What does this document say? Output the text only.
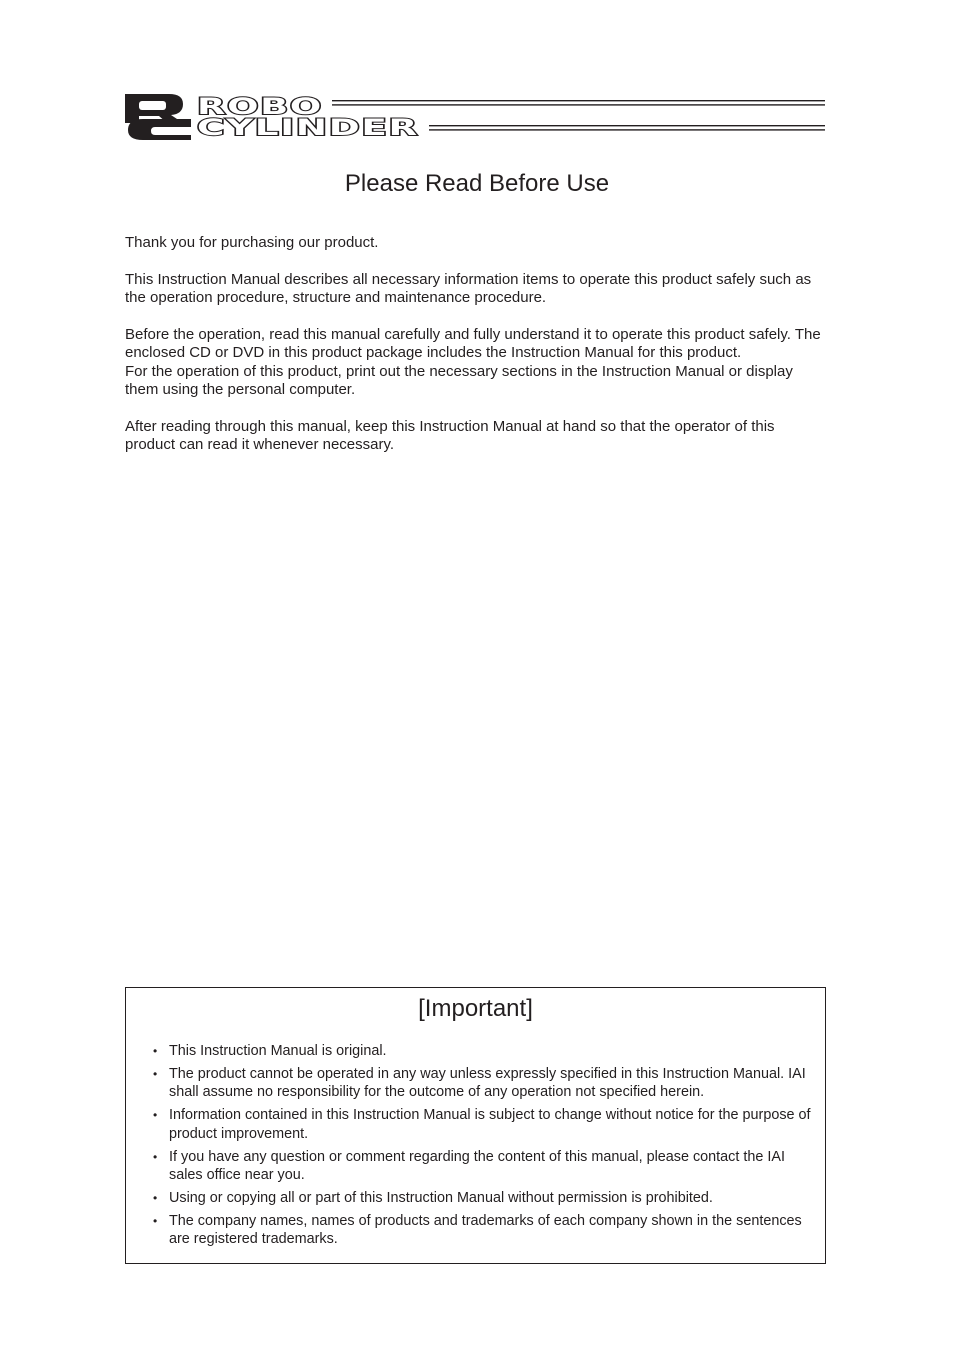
ROBO
CYLINDER
Please Read Before Use

Thank you for purchasing our product.

This Instruction Manual describes all necessary information items to operate this product safely such as the operation procedure, structure and maintenance procedure.

Before the operation, read this manual carefully and fully understand it to operate this product safely. The enclosed CD or DVD in this product package includes the Instruction Manual for this product.

For the operation of this product, print out the necessary sections in the Instruction Manual or display them using the personal computer.

After reading through this manual, keep this Instruction Manual at hand so that the operator of this product can read it whenever necessary.

[Important]
• This Instruction Manual is original.
• The product cannot be operated in any way unless expressly specified in this Instruction Manual. IAI shall assume no responsibility for the outcome of any operation not specified herein.
• Information contained in this Instruction Manual is subject to change without notice for the purpose of product improvement.
• If you have any question or comment regarding the content of this manual, please contact the IAI sales office near you.
• Using or copying all or part of this Instruction Manual without permission is prohibited.
• The company names, names of products and trademarks of each company shown in the sentences are registered trademarks.
